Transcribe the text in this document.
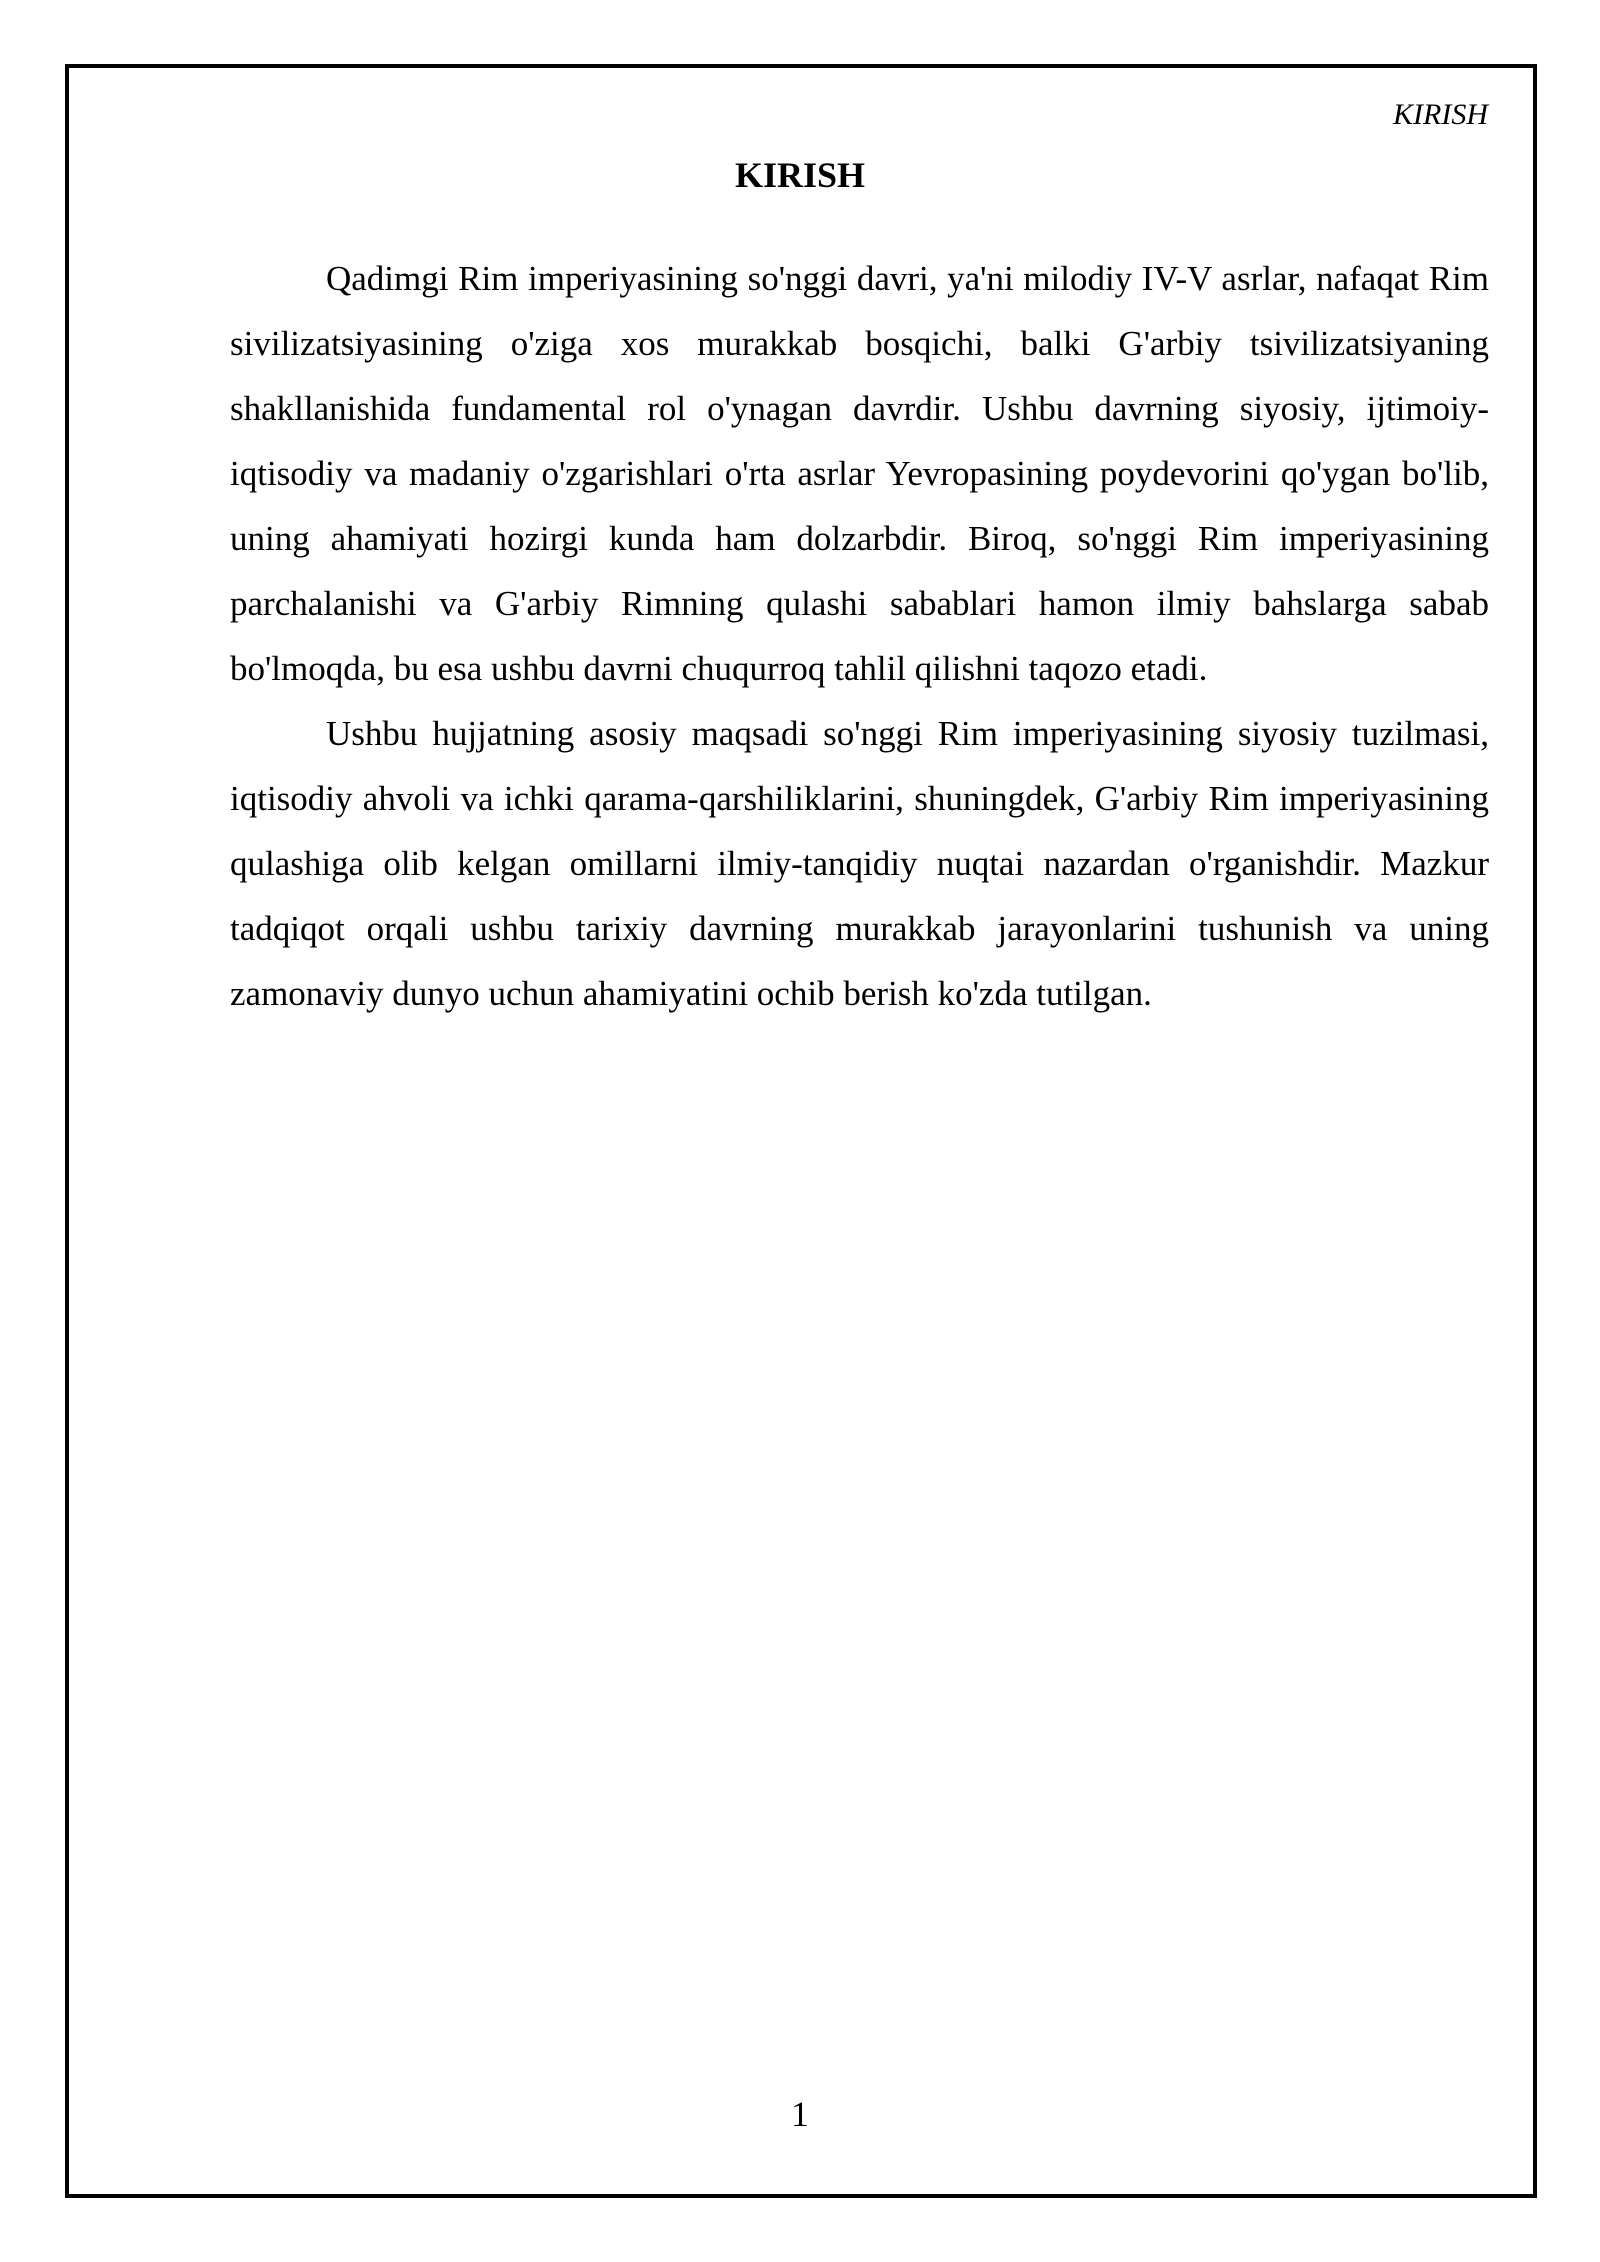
KIRISH
KIRISH

Qadimgi Rim imperiyasining so'nggi davri, ya'ni milodiy IV-V asrlar, nafaqat Rim sivilizatsiyasining o'ziga xos murakkab bosqichi, balki G'arbiy tsivilizatsiyaning shakllanishida fundamental rol o'ynagan davrdir. Ushbu davrning siyosiy, ijtimoiy-iqtisodiy va madaniy o'zgarishlari o'rta asrlar Yevropasining poydevorini qo'ygan bo'lib, uning ahamiyati hozirgi kunda ham dolzarbdir. Biroq, so'nggi Rim imperiyasining parchalanishi va G'arbiy Rimning qulashi sabablari hamon ilmiy bahslarga sabab bo'lmoqda, bu esa ushbu davrni chuqurroq tahlil qilishni taqozo etadi.

Ushbu hujjatning asosiy maqsadi so'nggi Rim imperiyasining siyosiy tuzilmasi, iqtisodiy ahvoli va ichki qarama-qarshiliklarini, shuningdek, G'arbiy Rim imperiyasining qulashiga olib kelgan omillarni ilmiy-tanqidiy nuqtai nazardan o'rganishdir. Mazkur tadqiqot orqali ushbu tarixiy davrning murakkab jarayonlarini tushunish va uning zamonaviy dunyo uchun ahamiyatini ochib berish ko'zda tutilgan.

1
